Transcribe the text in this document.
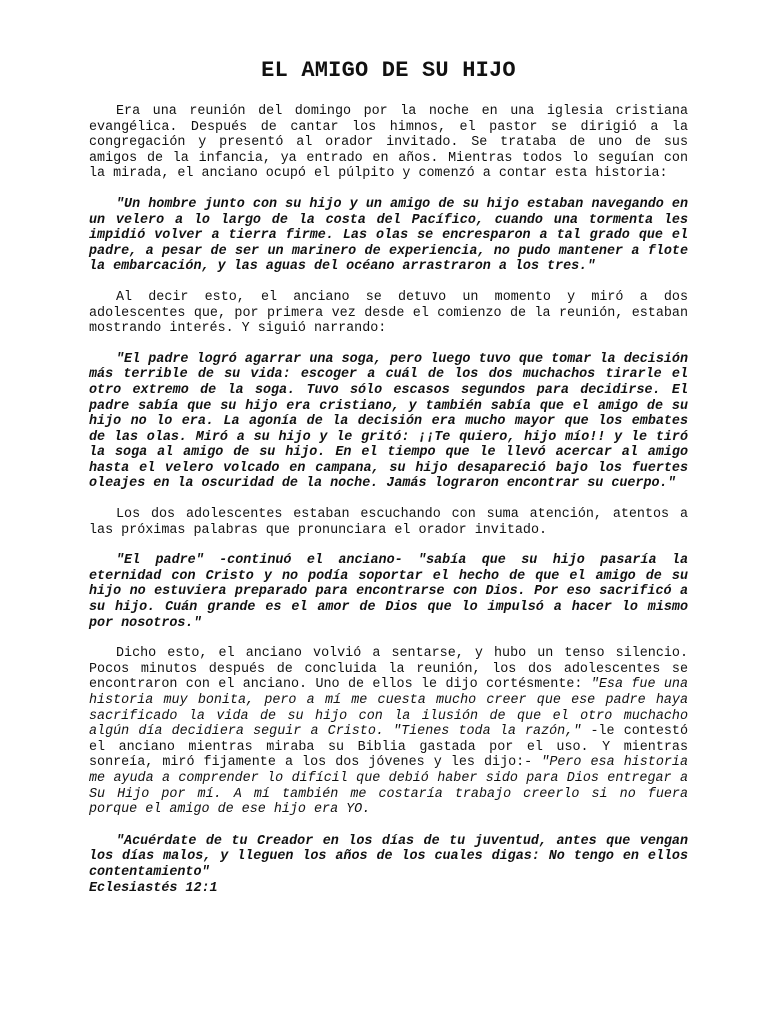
EL AMIGO DE SU HIJO

Era una reunión del domingo por la noche en una iglesia cristiana evangélica. Después de cantar los himnos, el pastor se dirigió a la congregación y presentó al orador invitado. Se trataba de uno de sus amigos de la infancia, ya entrado en años. Mientras todos lo seguían con la mirada, el anciano ocupó el púlpito y comenzó a contar esta historia:

"Un hombre junto con su hijo y un amigo de su hijo estaban navegando en un velero a lo largo de la costa del Pacífico, cuando una tormenta les impidió volver a tierra firme. Las olas se encresparon a tal grado que el padre, a pesar de ser un marinero de experiencia, no pudo mantener a flote la embarcación, y las aguas del océano arrastraron a los tres."

Al decir esto, el anciano se detuvo un momento y miró a dos adolescentes que, por primera vez desde el comienzo de la reunión, estaban mostrando interés. Y siguió narrando:

"El padre logró agarrar una soga, pero luego tuvo que tomar la decisión más terrible de su vida: escoger a cuál de los dos muchachos tirarle el otro extremo de la soga. Tuvo sólo escasos segundos para decidirse. El padre sabía que su hijo era cristiano, y también sabía que el amigo de su hijo no lo era. La agonía de la decisión era mucho mayor que los embates de las olas. Miró a su hijo y le gritó: ¡¡Te quiero, hijo mío!! y le tiró la soga al amigo de su hijo. En el tiempo que le llevó acercar al amigo hasta el velero volcado en campana, su hijo desapareció bajo los fuertes oleajes en la oscuridad de la noche. Jamás lograron encontrar su cuerpo."

Los dos adolescentes estaban escuchando con suma atención, atentos a las próximas palabras que pronunciara el orador invitado.

"El padre" -continuó el anciano- "sabía que su hijo pasaría la eternidad con Cristo y no podía soportar el hecho de que el amigo de su hijo no estuviera preparado para encontrarse con Dios. Por eso sacrificó a su hijo. Cuán grande es el amor de Dios que lo impulsó a hacer lo mismo por nosotros."

Dicho esto, el anciano volvió a sentarse, y hubo un tenso silencio. Pocos minutos después de concluida la reunión, los dos adolescentes se encontraron con el anciano. Uno de ellos le dijo cortésmente: "Esa fue una historia muy bonita, pero a mí me cuesta mucho creer que ese padre haya sacrificado la vida de su hijo con la ilusión de que el otro muchacho algún día decidiera seguir a Cristo. "Tienes toda la razón," -le contestó el anciano mientras miraba su Biblia gastada por el uso. Y mientras sonreía, miró fijamente a los dos jóvenes y les dijo:- "Pero esa historia me ayuda a comprender lo difícil que debió haber sido para Dios entregar a Su Hijo por mí. A mí también me costaría trabajo creerlo si no fuera porque el amigo de ese hijo era YO.

"Acuérdate de tu Creador en los días de tu juventud, antes que vengan los días malos, y lleguen los años de los cuales digas: No tengo en ellos contentamiento"

Eclesiastés 12:1
